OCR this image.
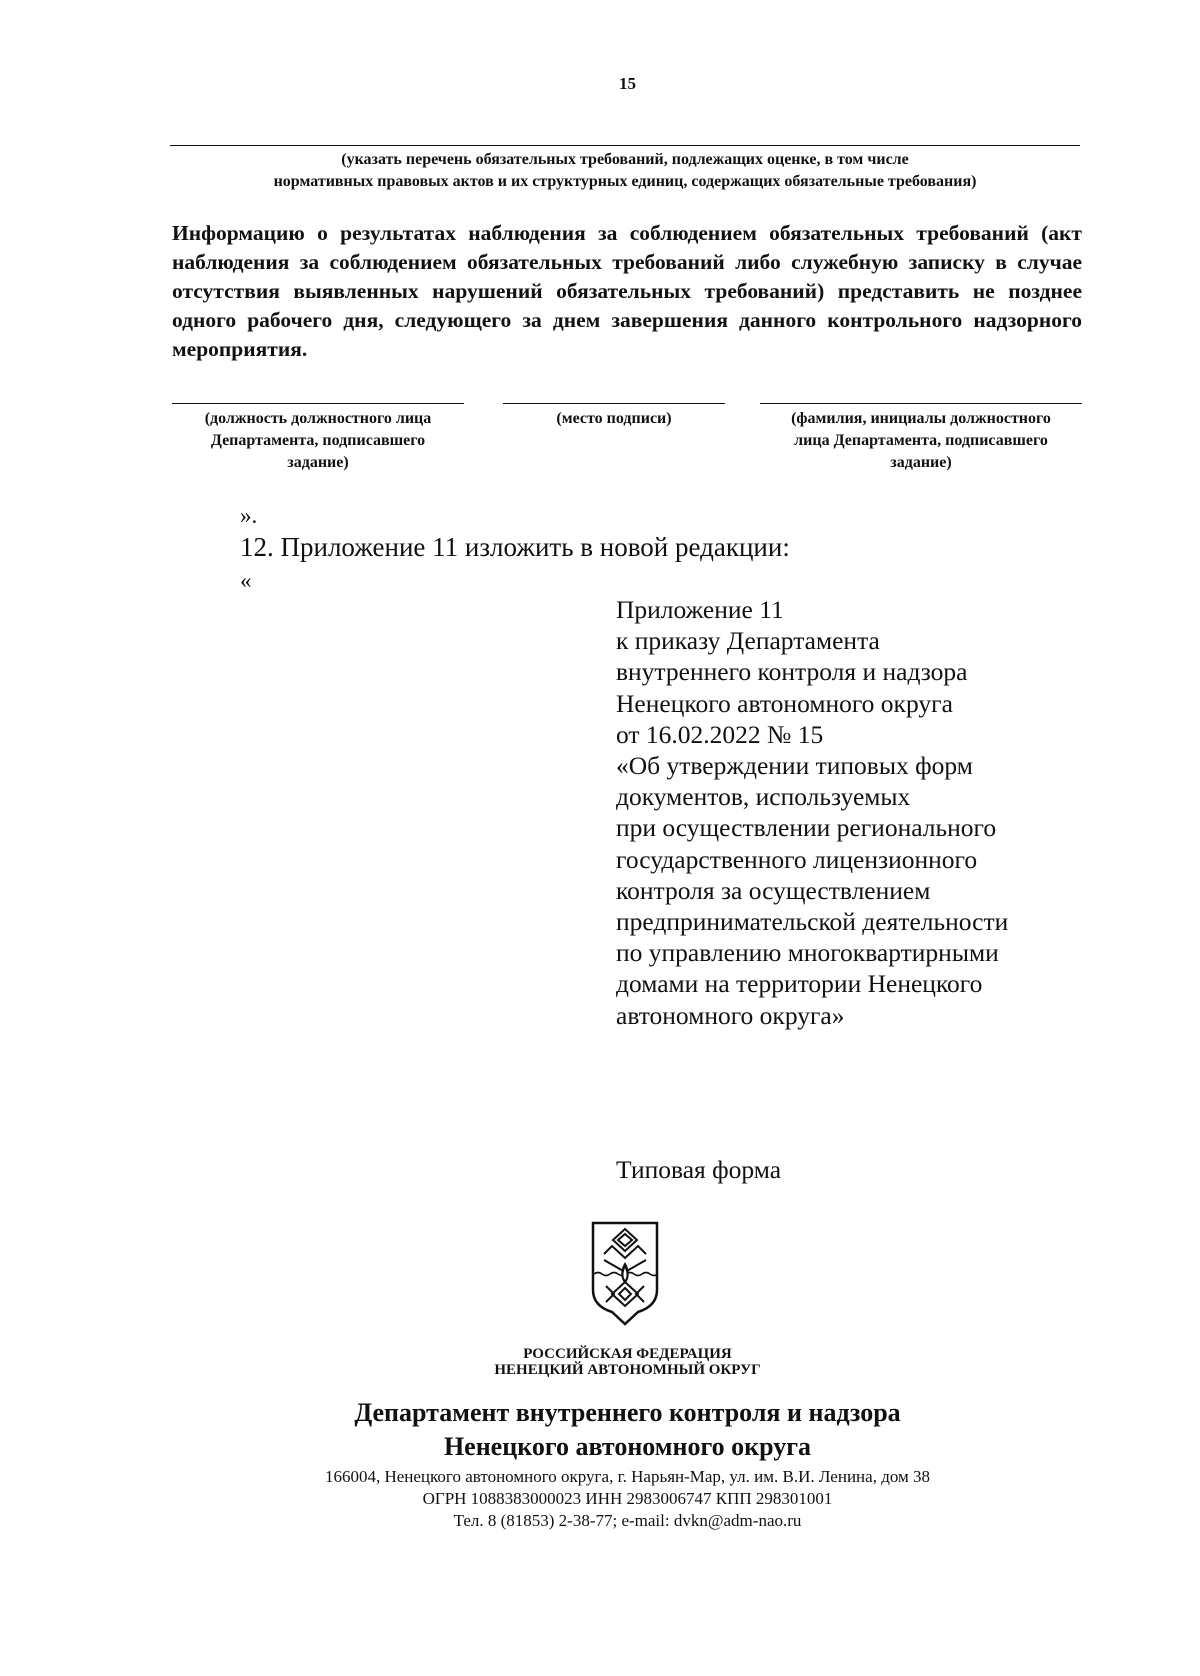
15
(указать перечень обязательных требований, подлежащих оценке, в том числе
нормативных правовых актов и их структурных единиц, содержащих обязательные требования)
Информацию о результатах наблюдения за соблюдением обязательных требований (акт наблюдения за соблюдением обязательных требований либо служебную записку в случае отсутствия выявленных нарушений обязательных требований) представить не позднее одного рабочего дня, следующего за днем завершения данного контрольного надзорного мероприятия.
(должность должностного лица
Департамента, подписавшего
задание)
(место подписи)	(фамилия, инициалы должностного
лица Департамента, подписавшего
задание)
».
12. Приложение 11 изложить в новой редакции:
«
Приложение 11
к приказу Департамента
внутреннего контроля и надзора
Ненецкого автономного округа
от 16.02.2022 № 15
«Об утверждении типовых форм
документов, используемых
при осуществлении регионального
государственного лицензионного
контроля за осуществлением
предпринимательской деятельности
по управлению многоквартирными
домами на территории Ненецкого
автономного округа»
Типовая форма
РОССИЙСКАЯ ФЕДЕРАЦИЯ
НЕНЕЦКИЙ АВТОНОМНЫЙ ОКРУГ
Департамент внутреннего контроля и надзора
Ненецкого автономного округа
166004, Ненецкого автономного округа, г. Нарьян-Мар, ул. им. В.И. Ленина, дом 38
ОГРН 1088383000023 ИНН 2983006747 КПП 298301001
Тел. 8 (81853) 2-38-77; e-mail: dvkn@adm-nao.ru
